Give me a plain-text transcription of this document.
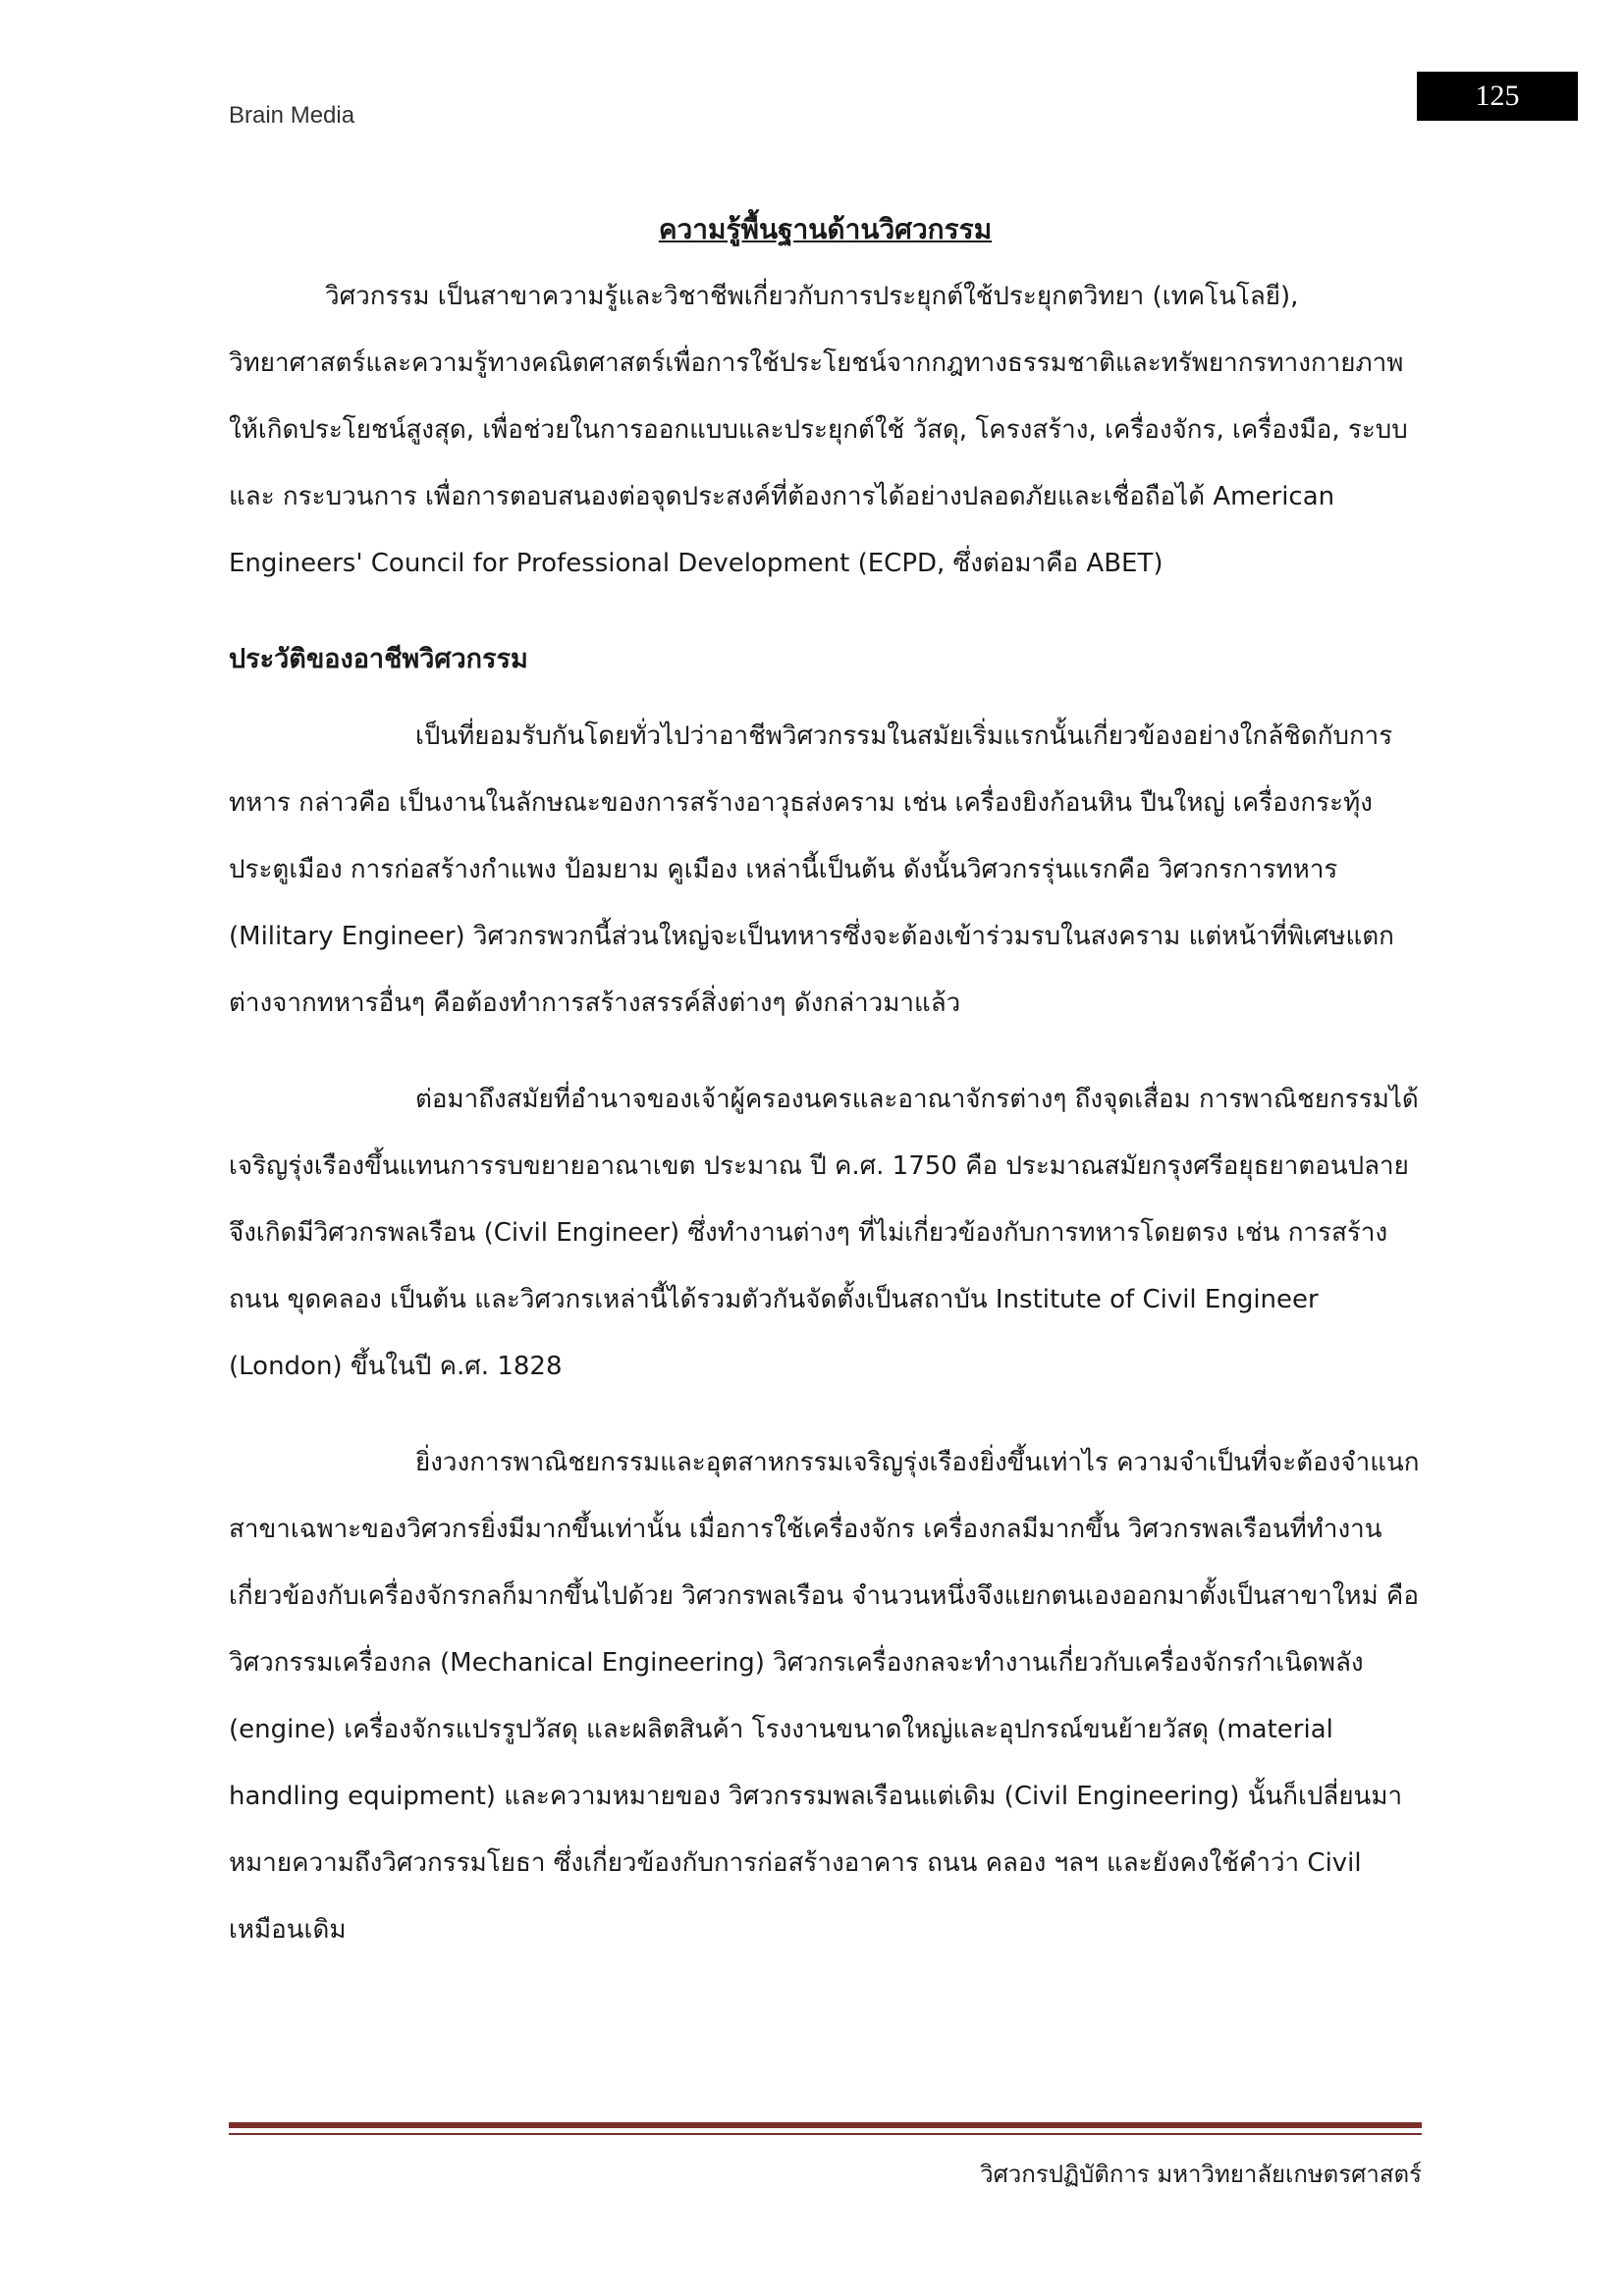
Brain Media
125

ความรู้พื้นฐานด้านวิศวกรรม

วิศวกรรม เป็นสาขาความรู้และวิชาชีพเกี่ยวกับการประยุกต์ใช้ประยุกตวิทยา (เทคโนโลยี), วิทยาศาสตร์และความรู้ทางคณิตศาสตร์เพื่อการใช้ประโยชน์จากกฎทางธรรมชาติและทรัพยากรทางกายภาพให้เกิดประโยชน์สูงสุด, เพื่อช่วยในการออกแบบและประยุกต์ใช้ วัสดุ, โครงสร้าง, เครื่องจักร, เครื่องมือ, ระบบ และ กระบวนการ เพื่อการตอบสนองต่อจุดประสงค์ที่ต้องการได้อย่างปลอดภัยและเชื่อถือได้ American Engineers' Council for Professional Development (ECPD, ซึ่งต่อมาคือ ABET)

ประวัติของอาชีพวิศวกรรม

เป็นที่ยอมรับกันโดยทั่วไปว่าอาชีพวิศวกรรมในสมัยเริ่มแรกนั้นเกี่ยวข้องอย่างใกล้ชิดกับการทหาร กล่าวคือ เป็นงานในลักษณะของการสร้างอาวุธส่งคราม เช่น เครื่องยิงก้อนหิน ปืนใหญ่ เครื่องกระทุ้งประตูเมือง การก่อสร้างกำแพง ป้อมยาม คูเมือง เหล่านี้เป็นต้น ดังนั้นวิศวกรรุ่นแรกคือ วิศวกรการทหาร (Military Engineer) วิศวกรพวกนี้ส่วนใหญ่จะเป็นทหารซึ่งจะต้องเข้าร่วมรบในสงคราม แต่หน้าที่พิเศษแตกต่างจากทหารอื่นๆ คือต้องทำการสร้างสรรค์สิ่งต่างๆ ดังกล่าวมาแล้ว

ต่อมาถึงสมัยที่อำนาจของเจ้าผู้ครองนครและอาณาจักรต่างๆ ถึงจุดเสื่อม การพาณิชยกรรมได้เจริญรุ่งเรืองขึ้นแทนการรบขยายอาณาเขต ประมาณ ปี ค.ศ. 1750 คือ ประมาณสมัยกรุงศรีอยุธยาตอนปลาย จึงเกิดมีวิศวกรพลเรือน (Civil Engineer) ซึ่งทำงานต่างๆ ที่ไม่เกี่ยวข้องกับการทหารโดยตรง เช่น การสร้างถนน ขุดคลอง เป็นต้น และวิศวกรเหล่านี้ได้รวมตัวกันจัดตั้งเป็นสถาบัน Institute of Civil Engineer (London) ขึ้นในปี ค.ศ. 1828

ยิ่งวงการพาณิชยกรรมและอุตสาหกรรมเจริญรุ่งเรืองยิ่งขึ้นเท่าไร ความจำเป็นที่จะต้องจำแนกสาขาเฉพาะของวิศวกรยิ่งมีมากขึ้นเท่านั้น เมื่อการใช้เครื่องจักร เครื่องกลมีมากขึ้น วิศวกรพลเรือนที่ทำงานเกี่ยวข้องกับเครื่องจักรกลก็มากขึ้นไปด้วย วิศวกรพลเรือน จำนวนหนึ่งจึงแยกตนเองออกมาตั้งเป็นสาขาใหม่ คือ วิศวกรรมเครื่องกล (Mechanical Engineering) วิศวกรเครื่องกลจะทำงานเกี่ยวกับเครื่องจักรกำเนิดพลัง (engine) เครื่องจักรแปรรูปวัสดุ และผลิตสินค้า โรงงานขนาดใหญ่และอุปกรณ์ขนย้ายวัสดุ (material handling equipment) และความหมายของ วิศวกรรมพลเรือนแต่เดิม (Civil Engineering) นั้นก็เปลี่ยนมาหมายความถึงวิศวกรรมโยธา ซึ่งเกี่ยวข้องกับการก่อสร้างอาคาร ถนน คลอง ฯลฯ และยังคงใช้คำว่า Civil เหมือนเดิม

วิศวกรปฏิบัติการ มหาวิทยาลัยเกษตรศาสตร์
